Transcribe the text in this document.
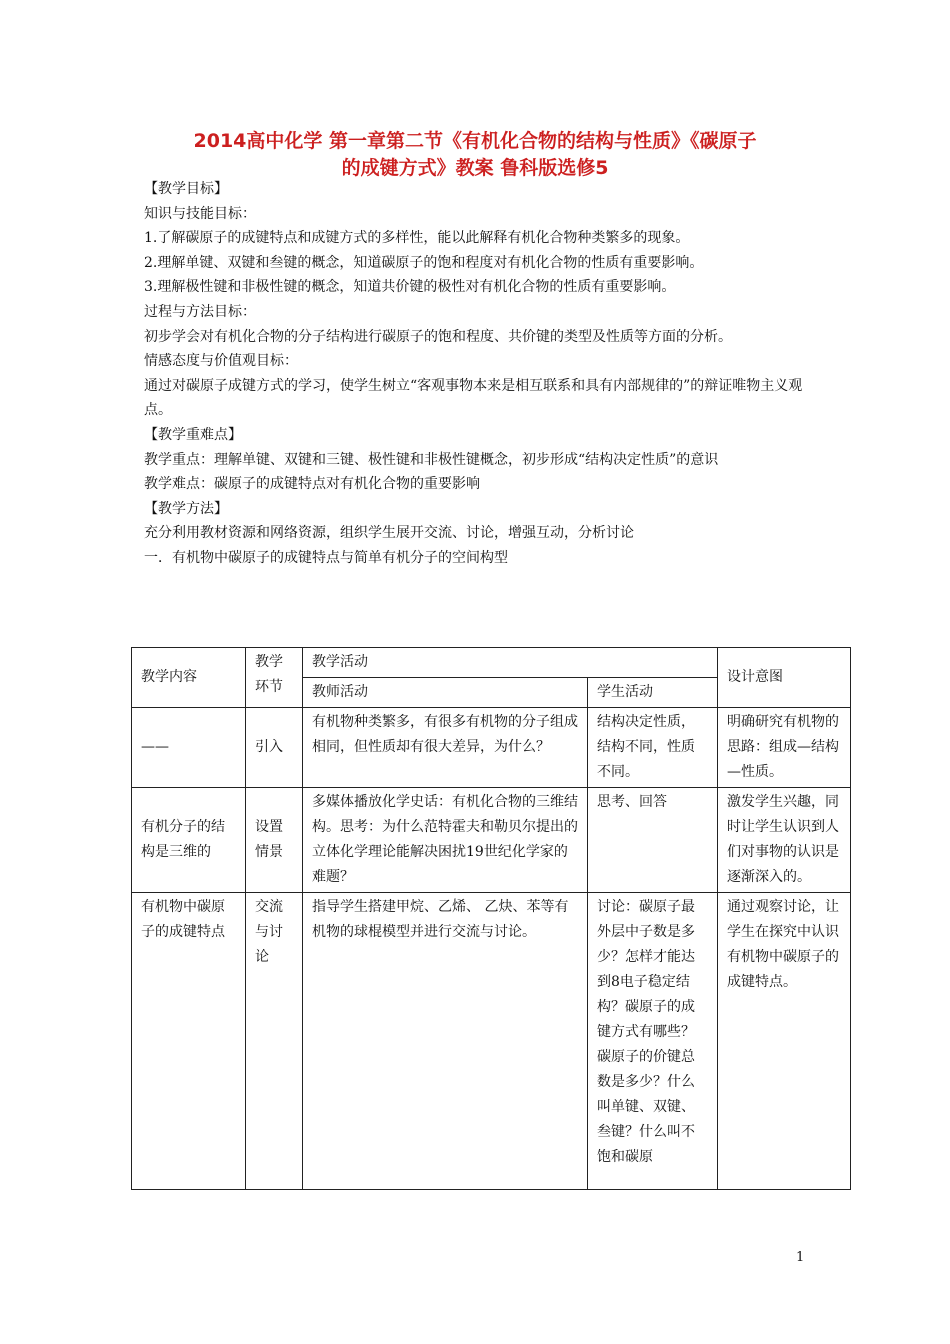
2014高中化学 第一章第二节《有机化合物的结构与性质》《碳原子
的成键方式》教案 鲁科版选修5

【教学目标】

知识与技能目标：

1.了解碳原子的成键特点和成键方式的多样性，能以此解释有机化合物种类繁多的现象。

2.理解单键、双键和叁键的概念，知道碳原子的饱和程度对有机化合物的性质有重要影响。

3.理解极性键和非极性键的概念，知道共价键的极性对有机化合物的性质有重要影响。

过程与方法目标：

初步学会对有机化合物的分子结构进行碳原子的饱和程度、共价键的类型及性质等方面的分析。

情感态度与价值观目标：

通过对碳原子成键方式的学习，使学生树立“客观事物本来是相互联系和具有内部规律的”的辩证唯物主义观点。

【教学重难点】

教学重点：理解单键、双键和三键、极性键和非极性键概念，初步形成“结构决定性质”的意识

教学难点：碳原子的成键特点对有机化合物的重要影响

【教学方法】

充分利用教材资源和网络资源，组织学生展开交流、讨论，增强互动，分析讨论

一．有机物中碳原子的成键特点与简单有机分子的空间构型

教学内容	教学环节	教学活动		设计意图
		教师活动	学生活动	
——	引入	有机物种类繁多，有很多有机物的分子组成相同，但性质却有很大差异，为什么？	结构决定性质，结构不同，性质不同。	明确研究有机物的思路：组成—结构—性质。
有机分子的结构是三维的	设置情景	多媒体播放化学史话：有机化合物的三维结构。思考：为什么范特霍夫和勒贝尔提出的立体化学理论能解决困扰19世纪化学家的难题？	思考、回答	激发学生兴趣，同时让学生认识到人们对事物的认识是逐渐深入的。
有机物中碳原子的成键特点	交流与讨论	指导学生搭建甲烷、乙烯、 乙炔、苯等有机物的球棍模型并进行交流与讨论。	讨论：碳原子最外层中子数是多少？怎样才能达到8电子稳定结构？碳原子的成键方式有哪些？碳原子的价键总数是多少？什么叫单键、双键、叁键？什么叫不饱和碳原	通过观察讨论，让学生在探究中认识有机物中碳原子的成键特点。
1
